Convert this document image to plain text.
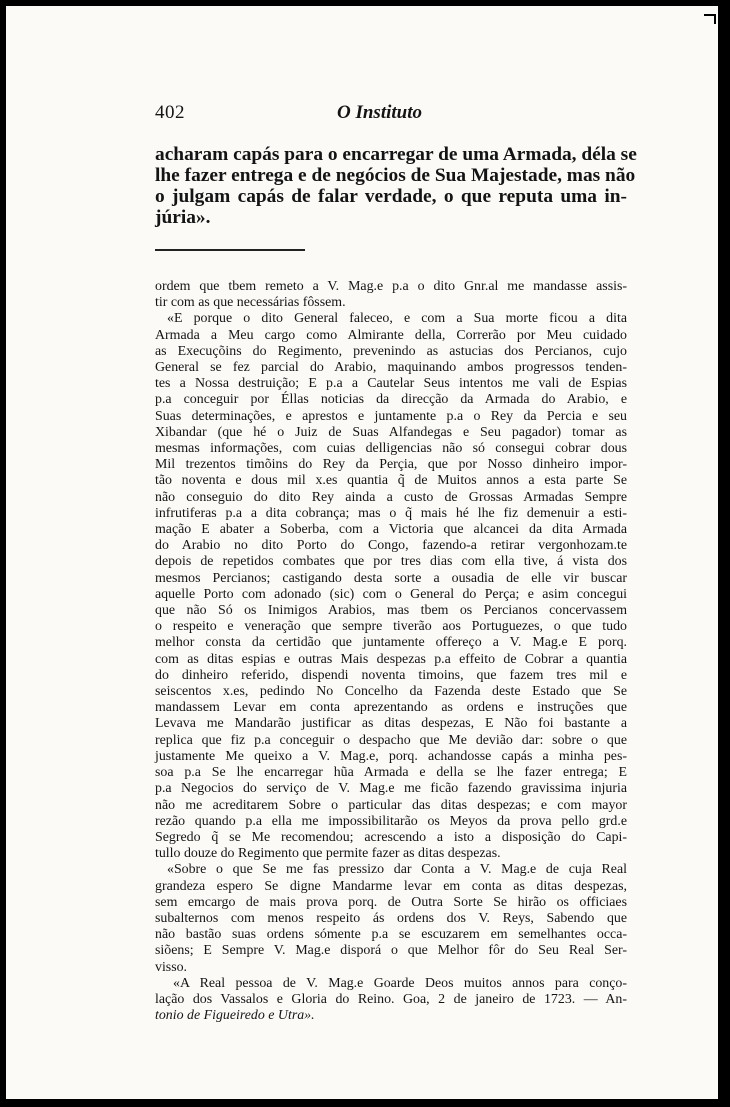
402	O Instituto
acharam capás para o encarregar de uma Armada, déla se
lhe fazer entrega e de negócios de Sua Majestade, mas não
o julgam capás de falar verdade, o que reputa uma in-
júria».
ordem que tbem remeto a V. Mag.e p.a o dito Gnr.al me mandasse assis-
tir com as que necessárias fôssem.
«E porque o dito General faleceo, e com a Sua morte ficou a dita
Armada a Meu cargo como Almirante della, Correrão por Meu cuidado
as Execuçõins do Regimento, prevenindo as astucias dos Percianos, cujo
General se fez parcial do Arabio, maquinando ambos progressos tenden-
tes a Nossa destruição; E p.a a Cautelar Seus intentos me vali de Espias
p.a conceguir por Éllas noticias da direcção da Armada do Arabio, e
Suas determinações, e aprestos e juntamente p.a o Rey da Percia e seu
Xibandar (que hé o Juiz de Suas Alfandegas e Seu pagador) tomar as
mesmas informações, com cuias delligencias não só consegui cobrar dous
Mil trezentos timõins do Rey da Perçia, que por Nosso dinheiro impor-
tão noventa e dous mil x.es quantia q̃ de Muitos annos a esta parte Se
não conseguio do dito Rey ainda a custo de Grossas Armadas Sempre
infrutiferas p.a a dita cobrança; mas o q̃ mais hé lhe fiz demenuir a esti-
mação E abater a Soberba, com a Victoria que alcancei da dita Armada
do Arabio no dito Porto do Congo, fazendo-a retirar vergonhozam.te
depois de repetidos combates que por tres dias com ella tive, á vista dos
mesmos Percianos; castigando desta sorte a ousadia de elle vir buscar
aquelle Porto com adonado (sic) com o General do Perça; e asim concegui
que não Só os Inimigos Arabios, mas tbem os Percianos concervassem
o respeito e veneração que sempre tiverão aos Portuguezes, o que tudo
melhor consta da certidão que juntamente offereço a V. Mag.e E porq.
com as ditas espias e outras Mais despezas p.a effeito de Cobrar a quantia
do dinheiro referido, dispendi noventa timoins, que fazem tres mil e
seiscentos x.es, pedindo No Concelho da Fazenda deste Estado que Se
mandassem Levar em conta aprezentando as ordens e instruções que
Levava me Mandarão justificar as ditas despezas, E Não foi bastante a
replica que fiz p.a conceguir o despacho que Me devião dar: sobre o que
justamente Me queixo a V. Mag.e, porq. achandosse capás a minha pes-
soa p.a Se lhe encarregar hũa Armada e della se lhe fazer entrega; E
p.a Negocios do serviço de V. Mag.e me ficão fazendo gravissima injuria
não me acreditarem Sobre o particular das ditas despezas; e com mayor
rezão quando p.a ella me impossibilitarão os Meyos da prova pello grd.e
Segredo q̃ se Me recomendou; acrescendo a isto a disposição do Capi-
tullo douze do Regimento que permite fazer as ditas despezas.
«Sobre o que Se me fas pressizo dar Conta a V. Mag.e de cuja Real
grandeza espero Se digne Mandarme levar em conta as ditas despezas,
sem emcargo de mais prova porq. de Outra Sorte Se hirão os officiaes
subalternos com menos respeito ás ordens dos V. Reys, Sabendo que
não bastão suas ordens sómente p.a se escuzarem em semelhantes occa-
siõens; E Sempre V. Mag.e disporá o que Melhor fôr do Seu Real Ser-
visso.
«A Real pessoa de V. Mag.e Goarde Deos muitos annos para conço-
lação dos Vassalos e Gloria do Reino. Goa, 2 de janeiro de 1723. — An-
tonio de Figueiredo e Utra».
